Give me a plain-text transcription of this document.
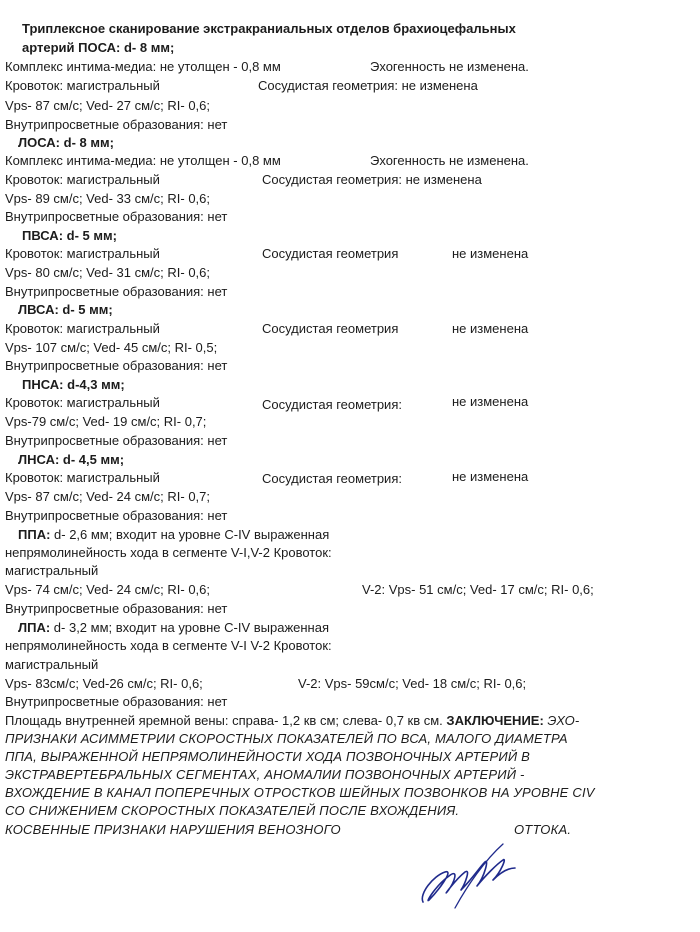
Триплексное сканирование экстракраниальных отделов брахиоцефальных
артерий ПОСА: d- 8 мм;
Комплекс интима-медиа: не утолщен - 0,8 мм	Эхогенность не изменена.
Кровоток: магистральный	Сосудистая геометрия: не изменена
Vps- 87 см/с; Ved- 27 см/с; RI- 0,6;
Внутрипросветные образования: нет
ЛОСА: d- 8 мм;
Комплекс интима-медиа: не утолщен - 0,8 мм	Эхогенность не изменена.
Кровоток: магистральный	Сосудистая геометрия: не изменена
Vps- 89 см/с; Ved- 33 см/с; RI- 0,6;
Внутрипросветные образования: нет
ПВСА: d- 5 мм;
Кровоток: магистральный	Сосудистая геометрия	не изменена
Vps- 80 см/с; Ved- 31 см/с; RI- 0,6;
Внутрипросветные образования: нет
ЛВСА: d- 5 мм;
Кровоток: магистральный	Сосудистая геометрия	не изменена
Vps- 107 см/с; Ved- 45 см/с; RI- 0,5;
Внутрипросветные образования: нет
ПНСА: d-4,3 мм;
Кровоток: магистральный	Сосудистая геометрия:	не изменена
Vps-79 см/с; Ved- 19 см/с; RI- 0,7;
Внутрипросветные образования: нет
ЛНСА: d- 4,5 мм;
Кровоток: магистральный	Сосудистая геометрия:	не изменена
Vps- 87 см/с; Ved- 24 см/с; RI- 0,7;
Внутрипросветные образования: нет
ППА: d- 2,6 мм; входит на уровне С-IV выраженная
непрямолинейность хода в сегменте V-I,V-2 Кровоток:
магистральный
Vps- 74 см/с; Ved- 24 см/с; RI- 0,6;	V-2: Vps- 51 см/с; Ved- 17 см/с; RI- 0,6;
Внутрипросветные образования: нет
ЛПА: d- 3,2 мм; входит на уровне С-IV выраженная
непрямолинейность хода в сегменте V-I V-2 Кровоток:
магистральный
Vps- 83см/с; Ved-26 см/с; RI- 0,6;	V-2: Vps- 59см/с; Ved- 18 см/с; RI- 0,6;
Внутрипросветные образования: нет
Площадь внутренней яремной вены: справа- 1,2 кв см; слева- 0,7 кв см. ЗАКЛЮЧЕНИЕ: ЭХО-
ПРИЗНАКИ АСИММЕТРИИ СКОРОСТНЫХ ПОКАЗАТЕЛЕЙ ПО ВСА, МАЛОГО ДИАМЕТРА
ППА, ВЫРАЖЕННОЙ НЕПРЯМОЛИНЕЙНОСТИ ХОДА ПОЗВОНОЧНЫХ АРТЕРИЙ В
ЭКСТРАВЕРТЕБРАЛЬНЫХ СЕГМЕНТАХ, АНОМАЛИИ ПОЗВОНОЧНЫХ АРТЕРИЙ -
ВХОЖДЕНИЕ В КАНАЛ ПОПЕРЕЧНЫХ ОТРОСТКОВ ШЕЙНЫХ ПОЗВОНКОВ НА УРОВНЕ CIV
СО СНИЖЕНИЕМ СКОРОСТНЫХ ПОКАЗАТЕЛЕЙ ПОСЛЕ ВХОЖДЕНИЯ.
КОСВЕННЫЕ ПРИЗНАКИ НАРУШЕНИЯ ВЕНОЗНОГО	ОТТОКА.
